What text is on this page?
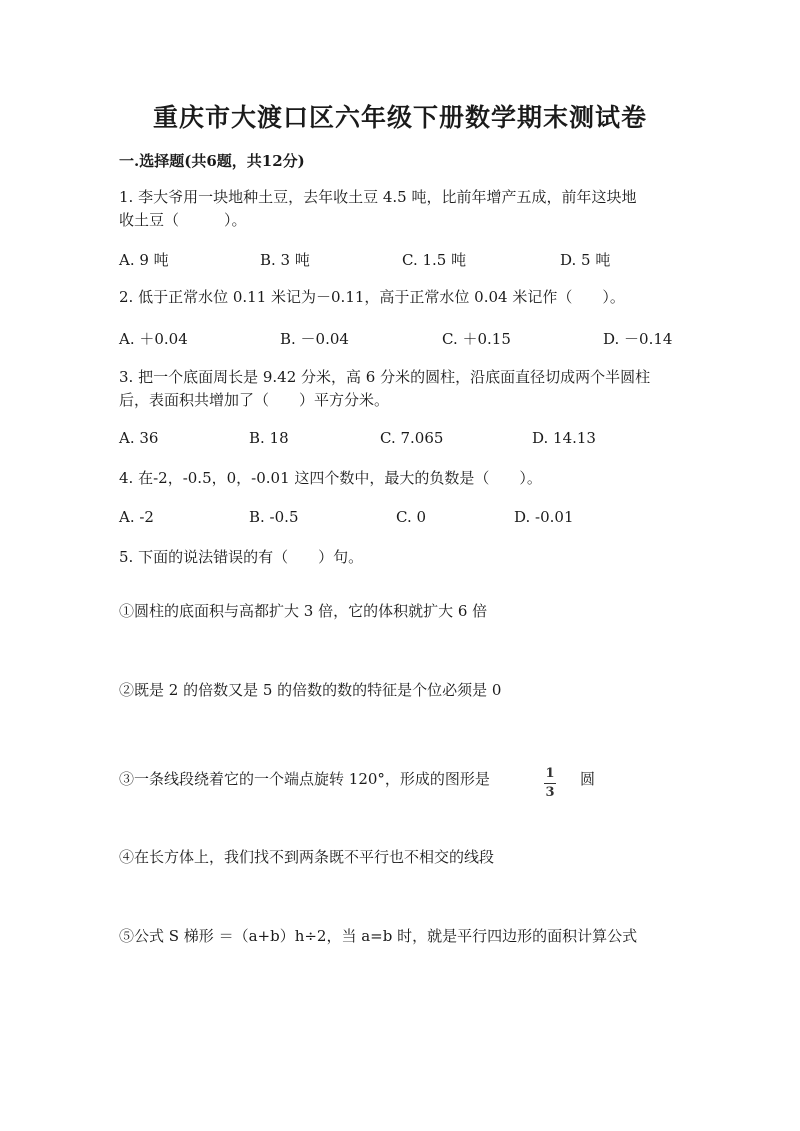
重庆市大渡口区六年级下册数学期末测试卷
一.选择题(共6题，共12分)
1. 李大爷用一块地种土豆，去年收土豆 4.5 吨，比前年增产五成，前年这块地
收土豆（　　　）。
A. 9 吨	B. 3 吨	C. 1.5 吨	D. 5 吨
2. 低于正常水位 0.11 米记为－0.11，高于正常水位 0.04 米记作（　　）。
A. ＋0.04	B. －0.04	C. ＋0.15	D. －0.14
3. 把一个底面周长是 9.42 分米，高 6 分米的圆柱，沿底面直径切成两个半圆柱
后，表面积共增加了（　　）平方分米。
A. 36	B. 18	C. 7.065	D. 14.13
4. 在-2，-0.5，0，-0.01 这四个数中，最大的负数是（　　）。
A. -2	B. -0.5	C. 0	D. -0.01
5. 下面的说法错误的有（　　）句。
①圆柱的底面积与高都扩大 3 倍，它的体积就扩大 6 倍
②既是 2 的倍数又是 5 的倍数的数的特征是个位必须是 0
③一条线段绕着它的一个端点旋转 120°，形成的图形是	$\frac{1}{3}$ 圆
④在长方体上，我们找不到两条既不平行也不相交的线段
⑤公式 S 梯形 ＝（a+b）h÷2，当 a=b 时，就是平行四边形的面积计算公式
